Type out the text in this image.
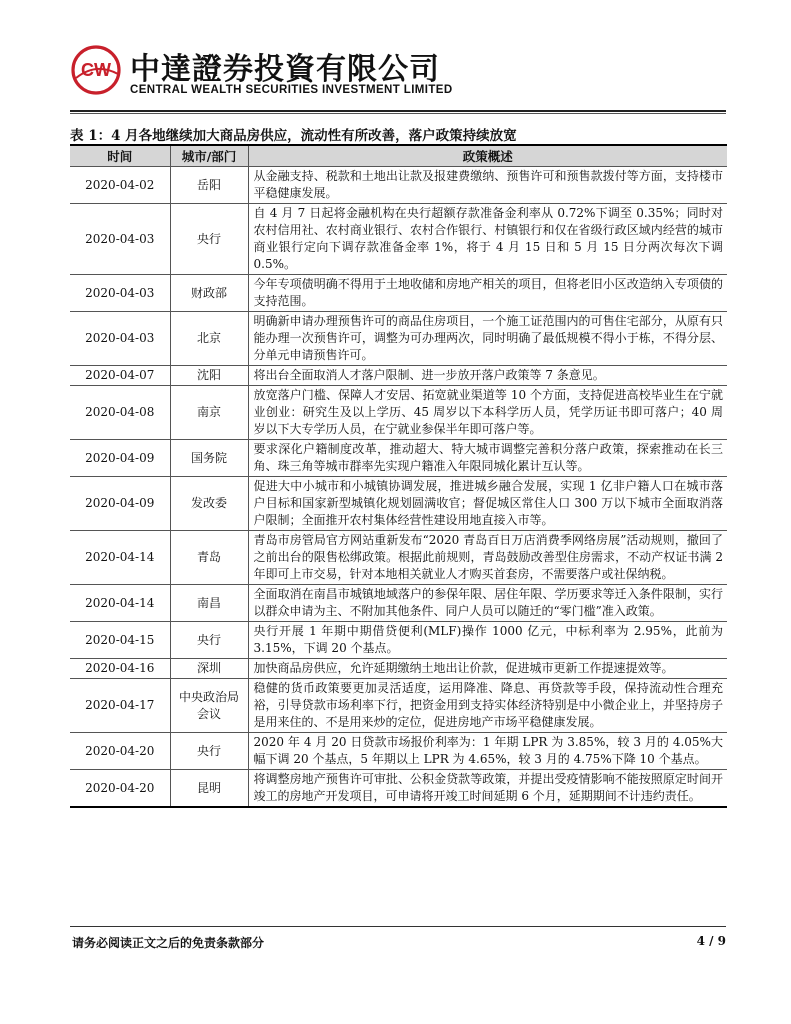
CW 中達證券投資有限公司
CENTRAL WEALTH SECURITIES INVESTMENT LIMITED
表 1：4 月各地继续加大商品房供应，流动性有所改善，落户政策持续放宽
时间	城市/部门	政策概述
2020-04-02	岳阳	从金融支持、税款和土地出让款及报建费缴纳、预售许可和预售款拨付等方面，支持楼市平稳健康发展。
2020-04-03	央行	自 4 月 7 日起将金融机构在央行超额存款准备金利率从 0.72%下调至 0.35%；同时对农村信用社、农村商业银行、农村合作银行、村镇银行和仅在省级行政区域内经营的城市商业银行定向下调存款准备金率 1%，将于 4 月 15 日和 5 月 15 日分两次每次下调 0.5%。
2020-04-03	财政部	今年专项债明确不得用于土地收储和房地产相关的项目，但将老旧小区改造纳入专项债的支持范围。
2020-04-03	北京	明确新申请办理预售许可的商品住房项目，一个施工证范围内的可售住宅部分，从原有只能办理一次预售许可，调整为可办理两次，同时明确了最低规模不得小于栋，不得分层、分单元申请预售许可。
2020-04-07	沈阳	将出台全面取消人才落户限制、进一步放开落户政策等 7 条意见。
2020-04-08	南京	放宽落户门槛、保障人才安居、拓宽就业渠道等 10 个方面，支持促进高校毕业生在宁就业创业：研究生及以上学历、45 周岁以下本科学历人员，凭学历证书即可落户；40 周岁以下大专学历人员，在宁就业参保半年即可落户等。
2020-04-09	国务院	要求深化户籍制度改革，推动超大、特大城市调整完善积分落户政策，探索推动在长三角、珠三角等城市群率先实现户籍准入年限同城化累计互认等。
2020-04-09	发改委	促进大中小城市和小城镇协调发展，推进城乡融合发展，实现 1 亿非户籍人口在城市落户目标和国家新型城镇化规划圆满收官；督促城区常住人口 300 万以下城市全面取消落户限制；全面推开农村集体经营性建设用地直接入市等。
2020-04-14	青岛	青岛市房管局官方网站重新发布“2020 青岛百日万店消费季网络房展”活动规则，撤回了之前出台的限售松绑政策。根据此前规则，青岛鼓励改善型住房需求，不动产权证书满 2 年即可上市交易，针对本地相关就业人才购买首套房，不需要落户或社保纳税。
2020-04-14	南昌	全面取消在南昌市城镇地域落户的参保年限、居住年限、学历要求等迁入条件限制，实行以群众申请为主、不附加其他条件、同户人员可以随迁的“零门槛”准入政策。
2020-04-15	央行	央行开展 1 年期中期借贷便利(MLF)操作 1000 亿元，中标利率为 2.95%，此前为 3.15%，下调 20 个基点。
2020-04-16	深圳	加快商品房供应，允许延期缴纳土地出让价款，促进城市更新工作提速提效等。
2020-04-17	中央政治局会议	稳健的货币政策要更加灵活适度，运用降准、降息、再贷款等手段，保持流动性合理充裕，引导贷款市场利率下行，把资金用到支持实体经济特别是中小微企业上，并坚持房子是用来住的、不是用来炒的定位，促进房地产市场平稳健康发展。
2020-04-20	央行	2020 年 4 月 20 日贷款市场报价利率为：1 年期 LPR 为 3.85%，较 3 月的 4.05%大幅下调 20 个基点，5 年期以上 LPR 为 4.65%，较 3 月的 4.75%下降 10 个基点。
2020-04-20	昆明	将调整房地产预售许可审批、公积金贷款等政策，并提出受疫情影响不能按照原定时间开竣工的房地产开发项目，可申请将开竣工时间延期 6 个月，延期期间不计违约责任。
请务必阅读正文之后的免责条款部分	4 / 9
